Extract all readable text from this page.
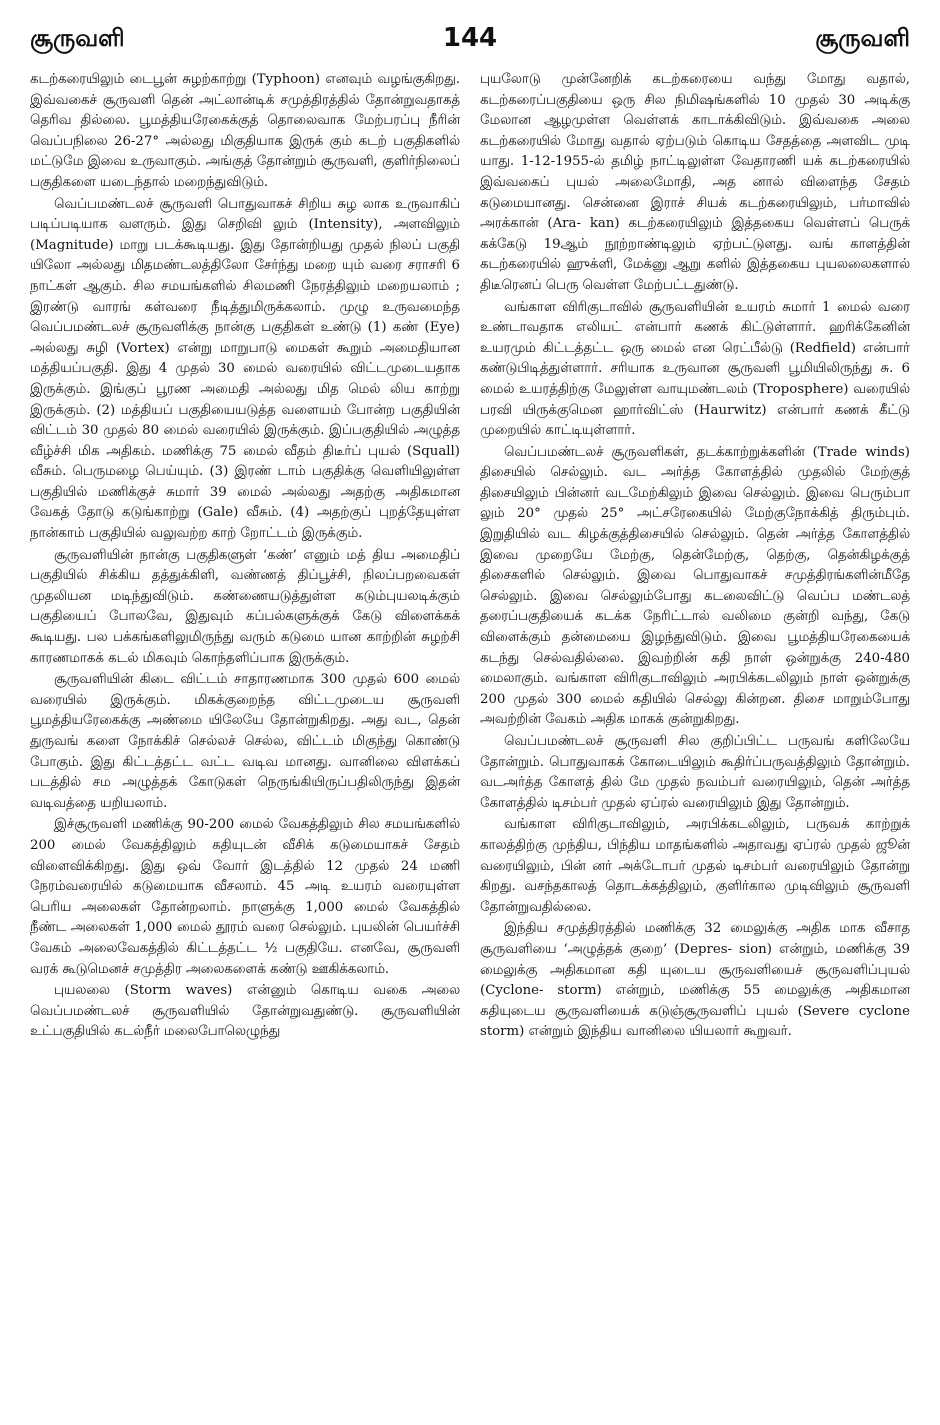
சூருவளி	144	சூருவளி

கடற்கரையிலும் டைபூன் சுழற்காற்று (Typhoon) எனவும் வழங்குகிறது. இவ்வகைச் சூருவளி தென் அட்லான்டிக் சமுத்திரத்தில் தோன்றுவதாகத் தெரிவ தில்லை. பூமத்தியரேகைக்குத் தொலைவாக மேற்பரப்பு நீரின் வெப்பநிலை 26-27° அல்லது மிகுதியாக இருக் கும் கடற் பகுதிகளில் மட்டுமே இவை உருவாகும். அங்குத் தோன்றும் சூருவளி, குளிர்நிலைப் பகுதிகளை யடைந்தால் மறைந்துவிடும்.

வெப்பமண்டலச் சூருவளி பொதுவாகச் சிறிய சுழ லாக உருவாகிப் படிப்படியாக வளரும். இது செறிவி லும் (Intensity), அளவிலும் (Magnitude) மாறு படக்கூடியது. இது தோன்றியது முதல் நிலப் பகுதி யிலோ அல்லது மிதமண்டலத்திலோ சேர்ந்து மறை யும் வரை சராசரி 6 நாட்கள் ஆகும். சில சமயங்களில் சிலமணி நேரத்திலும் மறையலாம் ; இரண்டு வாரங் கள்வரை நீடித்துமிருக்கலாம். முழு உருவமைந்த வெப்பமண்டலச் சூருவளிக்கு நான்கு பகுதிகள் உண்டு (1) கண் (Eye) அல்லது சுழி (Vortex) என்று மாறுபாடு மைகள் கூறும் அமைதியான மத்தியப்பகுதி. இது 4 முதல் 30 மைல் வரையில் விட்டமுடையதாக இருக்கும். இங்குப் பூரண அமைதி அல்லது மித மெல் லிய காற்று இருக்கும். (2) மத்தியப் பகுதியையடுத்த வளையம் போன்ற பகுதியின் விட்டம் 30 முதல் 80 மைல் வரையில் இருக்கும். இப்பகுதியில் அழுத்த வீழ்ச்சி மிக அதிகம். மணிக்கு 75 மைல் வீதம் திடீர்ப் புயல் (Squall) வீசும். பெருமழை பெய்யும். (3) இரண் டாம் பகுதிக்கு வெளியிலுள்ள பகுதியில் மணிக்குச் சுமார் 39 மைல் அல்லது அதற்கு அதிகமான வேகத் தோடு கடுங்காற்று (Gale) வீசும். (4) அதற்குப் புறத்தேயுள்ள நான்காம் பகுதியில் வலுவற்ற காற் றோட்டம் இருக்கும்.

சூருவளியின் நான்கு பகுதிகளுள் ‘கண்’ எனும் மத் திய அமைதிப் பகுதியில் சிக்கிய தத்துக்கிளி, வண்ணத் திப்பூச்சி, நிலப்பறவைகள் முதலியன மடிந்துவிடும். கண்ணையடுத்துள்ள கடும்புயலடிக்கும் பகுதியைப் போலவே, இதுவும் கப்பல்களுக்குக் கேடு விளைக்கக் கூடியது. பல பக்கங்களிலுமிருந்து வரும் கடுமை யான காற்றின் சுழற்சி காரணமாகக் கடல் மிகவும் கொந்தளிப்பாக இருக்கும்.

சூருவளியின் கிடை விட்டம் சாதாரணமாக 300 முதல் 600 மைல் வரையில் இருக்கும். மிகக்குறைந்த விட்டமுடைய சூருவளி பூமத்தியரேகைக்கு அண்மை யிலேயே தோன்றுகிறது. அது வட, தென் துருவங் களை நோக்கிச் செல்லச் செல்ல, விட்டம் மிகுந்து கொண்டு போகும். இது கிட்டத்தட்ட வட்ட வடிவ மானது. வானிலை விளக்கப் படத்தில் சம அழுத்தக் கோடுகள் நெருங்கியிருப்பதிலிருந்து இதன் வடிவத்தை யறியலாம்.

இச்சூருவளி மணிக்கு 90-200 மைல் வேகத்திலும் சில சமயங்களில் 200 மைல் வேகத்திலும் கதியுடன் வீசிக் கடுமையாகச் சேதம் விளைவிக்கிறது. இது ஒவ் வோர் இடத்தில் 12 முதல் 24 மணி நேரம்வரையில் கடுமையாக வீசலாம். 45 அடி உயரம் வரையுள்ள பெரிய அலைகள் தோன்றலாம். நாளுக்கு 1,000 மைல் வேகத்தில் நீண்ட அலைகள் 1,000 மைல் தூரம் வரை செல்லும். புயலின் பெயர்ச்சி வேகம் அலைவேகத்தில் கிட்டத்தட்ட ½ பகுதியே. எனவே, சூருவளி வரக் கூடுமெனச் சமுத்திர அலைகளைக் கண்டு ஊகிக்கலாம்.

புயலலை (Storm waves) என்னும் கொடிய வகை அலை வெப்பமண்டலச் சூருவளியில் தோன்றுவதுண்டு. சூருவளியின் உட்பகுதியில் கடல்நீர் மலைபோலெழுந்து

புயலோடு முன்னேறிக் கடற்கரையை வந்து மோது வதால், கடற்கரைப்பகுதியை ஒரு சில நிமிஷங்களில் 10 முதல் 30 அடிக்கு மேலான ஆழமுள்ள வெள்ளக் காடாக்கிவிடும். இவ்வகை அலை கடற்கரையில் மோது வதால் ஏற்படும் கொடிய சேதத்தை அளவிட முடி யாது. 1-12-1955-ல் தமிழ் நாட்டிலுள்ள வேதாரணி யக் கடற்கரையில் இவ்வகைப் புயல் அலைமோதி, அத னால் விளைந்த சேதம் கடுமையானது. சென்னை இராச் சியக் கடற்கரையிலும், பர்மாவில் அரக்கான் (Ara- kan) கடற்கரையிலும் இத்தகைய வெள்ளப் பெருக் கக்கேடு 19ஆம் நூற்றாண்டிலும் ஏற்பட்டுளது. வங் காளத்தின் கடற்கரையில் ஹுக்ளி, மேக்னு ஆறு களில் இத்தகைய புயலலைகளால் திடீரெனப் பெரு வெள்ள மேற்பட்டதுண்டு.

வங்காள விரிகுடாவில் சூருவளியின் உயரம் சுமார் 1 மைல் வரை உண்டாவதாக எலியட் என்பார் கணக் கிட்டுள்ளார். ஹரிக்கேனின் உயரமும் கிட்டத்தட்ட ஒரு மைல் என ரெட்பீல்டு (Redfield) என்பார் கண்டுபிடித்துள்ளார். சரியாக உருவான சூருவளி பூமியிலிருந்து சு. 6 மைல் உயரத்திற்கு மேலுள்ள வாயுமண்டலம் (Troposphere) வரையில் பரவி யிருக்குமென ஹார்விட்ஸ் (Haurwitz) என்பார் கணக் கீட்டு முறையில் காட்டியுள்ளார்.

வெப்பமண்டலச் சூருவளிகள், தடக்காற்றுக்களின் (Trade winds) திசையில் செல்லும். வட அர்த்த கோளத்தில் முதலில் மேற்குத் திசையிலும் பின்னர் வடமேற்கிலும் இவை செல்லும். இவை பெரும்பா லும் 20° முதல் 25° அட்சரேகையில் மேற்குநோக்கித் திரும்பும். இறுதியில் வட கிழக்குத்திசையில் செல்லும். தென் அர்த்த கோளத்தில் இவை முறையே மேற்கு, தென்மேற்கு, தெற்கு, தென்கிழக்குத் திசைகளில் செல்லும். இவை பொதுவாகச் சமுத்திரங்களின்மீதே செல்லும். இவை செல்லும்போது கடலைவிட்டு வெப்ப மண்டலத் தரைப்பகுதியைக் கடக்க நேரிட்டால் வலிமை குன்றி வந்து, கேடு விளைக்கும் தன்மையை இழந்துவிடும். இவை பூமத்தியரேகையைக் கடந்து செல்வதில்லை. இவற்றின் கதி நாள் ஒன்றுக்கு 240-480 மைலாகும். வங்காள விரிகுடாவிலும் அரபிக்கடலிலும் நாள் ஒன்றுக்கு 200 முதல் 300 மைல் கதியில் செல்லு கின்றன. திசை மாறும்போது அவற்றின் வேகம் அதிக மாகக் குன்றுகிறது.

வெப்பமண்டலச் சூருவளி சில குறிப்பிட்ட பருவங் களிலேயே தோன்றும். பொதுவாகக் கோடையிலும் கூதிர்ப்பருவத்திலும் தோன்றும். வடஅர்த்த கோளத் தில் மே முதல் நவம்பர் வரையிலும், தென் அர்த்த கோளத்தில் டிசம்பர் முதல் ஏப்ரல் வரையிலும் இது தோன்றும்.

வங்காள விரிகுடாவிலும், அரபிக்கடலிலும், பருவக் காற்றுக் காலத்திற்கு முந்திய, பிந்திய மாதங்களில் அதாவது ஏப்ரல் முதல் ஜூன் வரையிலும், பின் னர் அக்டோபர் முதல் டிசம்பர் வரையிலும் தோன்று கிறது. வசந்தகாலத் தொடக்கத்திலும், குளிர்கால முடிவிலும் சூருவளி தோன்றுவதில்லை.

இந்திய சமுத்திரத்தில் மணிக்கு 32 மைலுக்கு அதிக மாக வீசாத சூருவளியை ‘அழுத்தக் குறை’ (Depres- sion) என்றும், மணிக்கு 39 மைலுக்கு அதிகமான கதி யுடைய சூருவளியைச் சூருவளிப்புயல் (Cyclone- storm) என்றும், மணிக்கு 55 மைலுக்கு அதிகமான கதியுடைய சூருவளியைக் கடுஞ்சூருவளிப் புயல் (Severe cyclone storm) என்றும் இந்திய வானிலை யியலார் கூறுவர்.
